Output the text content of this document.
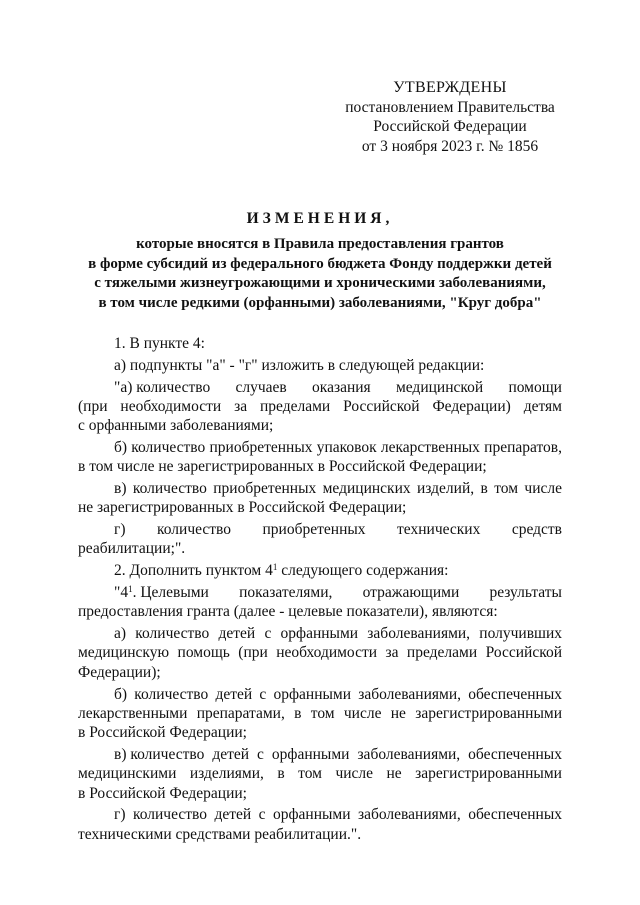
УТВЕРЖДЕНЫ
постановлением Правительства
Российской Федерации
от 3 ноября 2023 г. № 1856
ИЗМЕНЕНИЯ,
которые вносятся в Правила предоставления грантов
в форме субсидий из федерального бюджета Фонду поддержки детей
с тяжелыми жизнеугрожающими и хроническими заболеваниями,
в том числе редкими (орфанными) заболеваниями, "Круг добра"
1. В пункте 4:
а) подпункты "а" - "г" изложить в следующей редакции:
"а) количество случаев оказания медицинской помощи
(при необходимости за пределами Российской Федерации) детям
с орфанными заболеваниями;
б) количество приобретенных упаковок лекарственных препаратов,
в том числе не зарегистрированных в Российской Федерации;
в) количество приобретенных медицинских изделий, в том числе
не зарегистрированных в Российской Федерации;
г) количество приобретенных технических средств реабилитации;".
2. Дополнить пунктом $4^1$ следующего содержания:
"$4^1$. Целевыми показателями, отражающими результаты
предоставления гранта (далее - целевые показатели), являются:
а) количество детей с орфанными заболеваниями, получивших
медицинскую помощь (при необходимости за пределами Российской
Федерации);
б) количество детей с орфанными заболеваниями, обеспеченных
лекарственными препаратами, в том числе не зарегистрированными
в Российской Федерации;
в) количество детей с орфанными заболеваниями, обеспеченных
медицинскими изделиями, в том числе не зарегистрированными
в Российской Федерации;
г) количество детей с орфанными заболеваниями, обеспеченных
техническими средствами реабилитации.".
